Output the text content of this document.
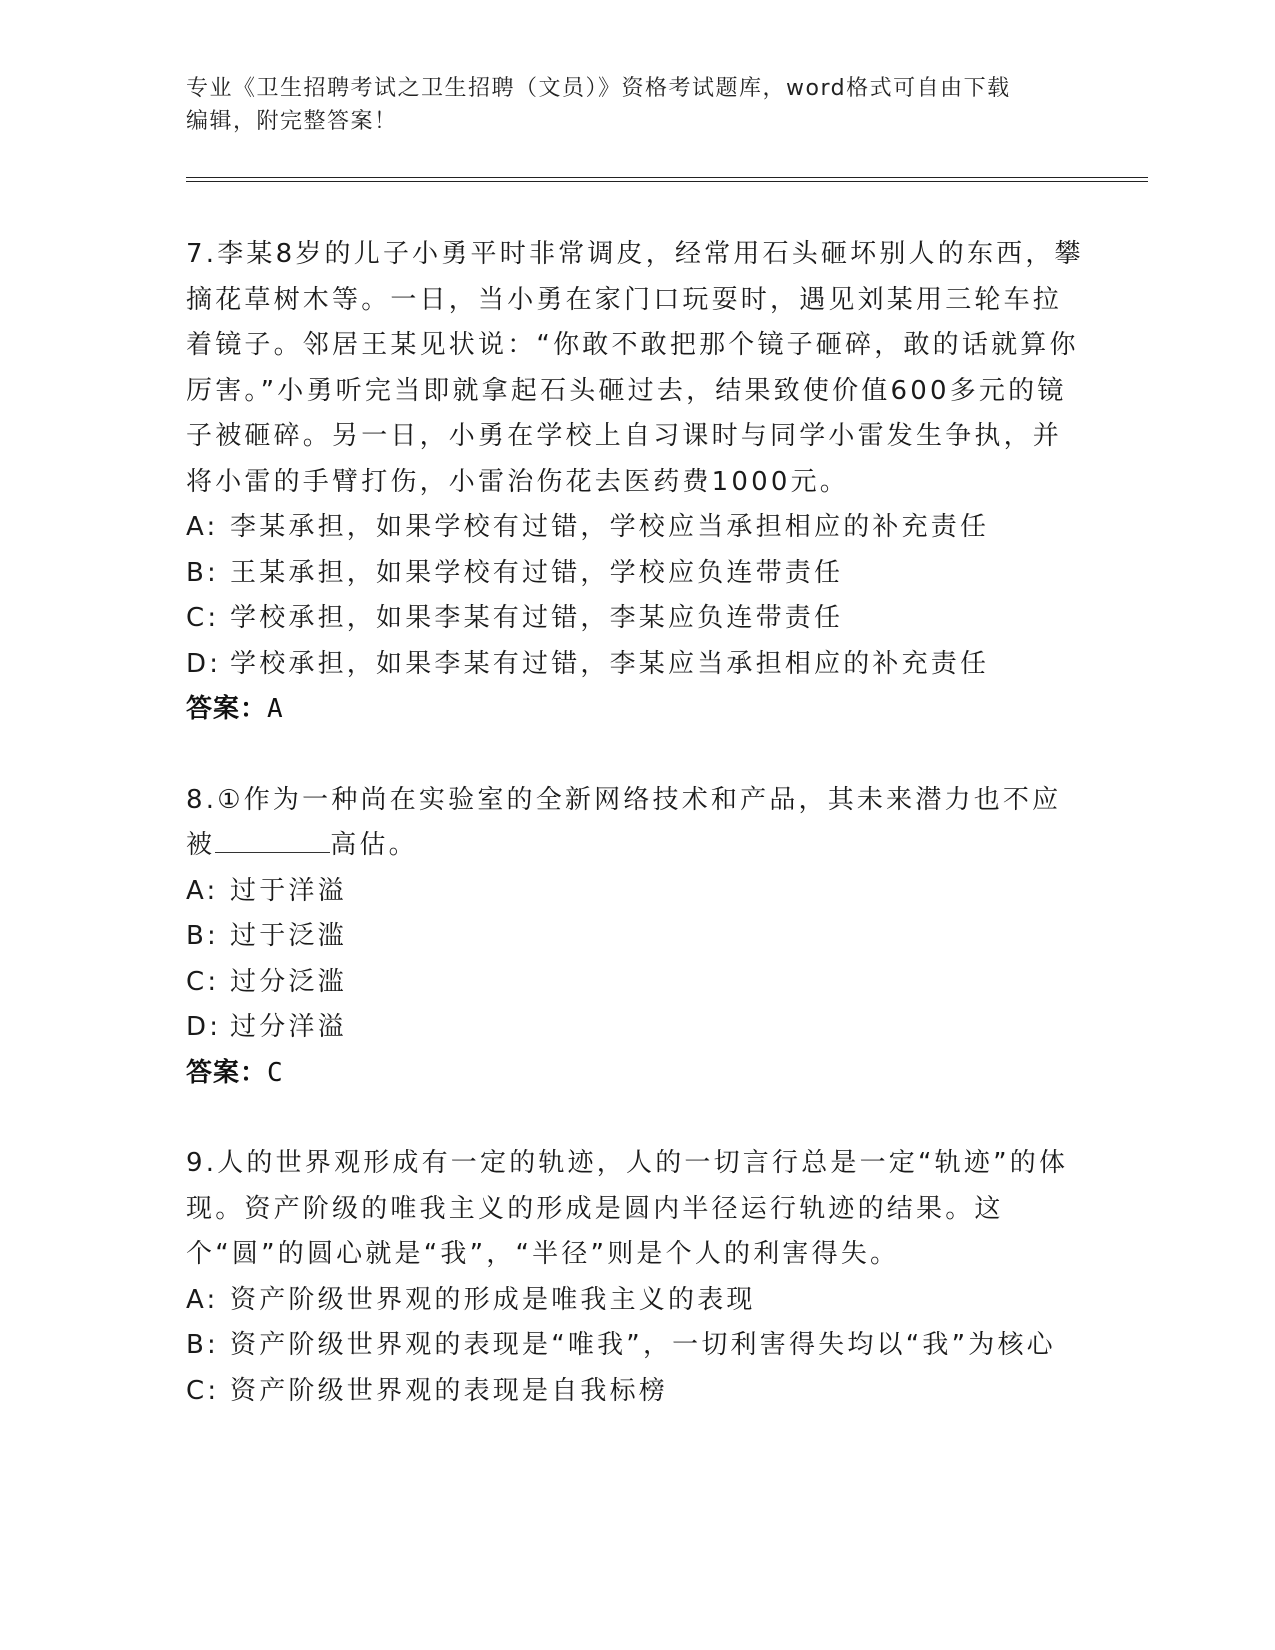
专业《卫生招聘考试之卫生招聘（文员）》资格考试题库，word格式可自由下载
编辑，附完整答案！
7.李某8岁的儿子小勇平时非常调皮，经常用石头砸坏别人的东西，攀摘花草树木等。一日，当小勇在家门口玩耍时，遇见刘某用三轮车拉着镜子。邻居王某见状说：“你敢不敢把那个镜子砸碎，敢的话就算你厉害。”小勇听完当即就拿起石头砸过去，结果致使价值600多元的镜子被砸碎。另一日，小勇在学校上自习课时与同学小雷发生争执，并将小雷的手臂打伤，小雷治伤花去医药费1000元。
A: 李某承担，如果学校有过错，学校应当承担相应的补充责任
B: 王某承担，如果学校有过错，学校应负连带责任
C: 学校承担，如果李某有过错，李某应负连带责任
D: 学校承担，如果李某有过错，李某应当承担相应的补充责任
答案：A
8.①作为一种尚在实验室的全新网络技术和产品，其未来潜力也不应被	高估。
A: 过于洋溢
B: 过于泛滥
C: 过分泛滥
D: 过分洋溢
答案：C
9.人的世界观形成有一定的轨迹，人的一切言行总是一定“轨迹”的体现。资产阶级的唯我主义的形成是圆内半径运行轨迹的结果。这个“圆”的圆心就是“我”，“半径”则是个人的利害得失。
A: 资产阶级世界观的形成是唯我主义的表现
B: 资产阶级世界观的表现是“唯我”，一切利害得失均以“我”为核心
C: 资产阶级世界观的表现是自我标榜
